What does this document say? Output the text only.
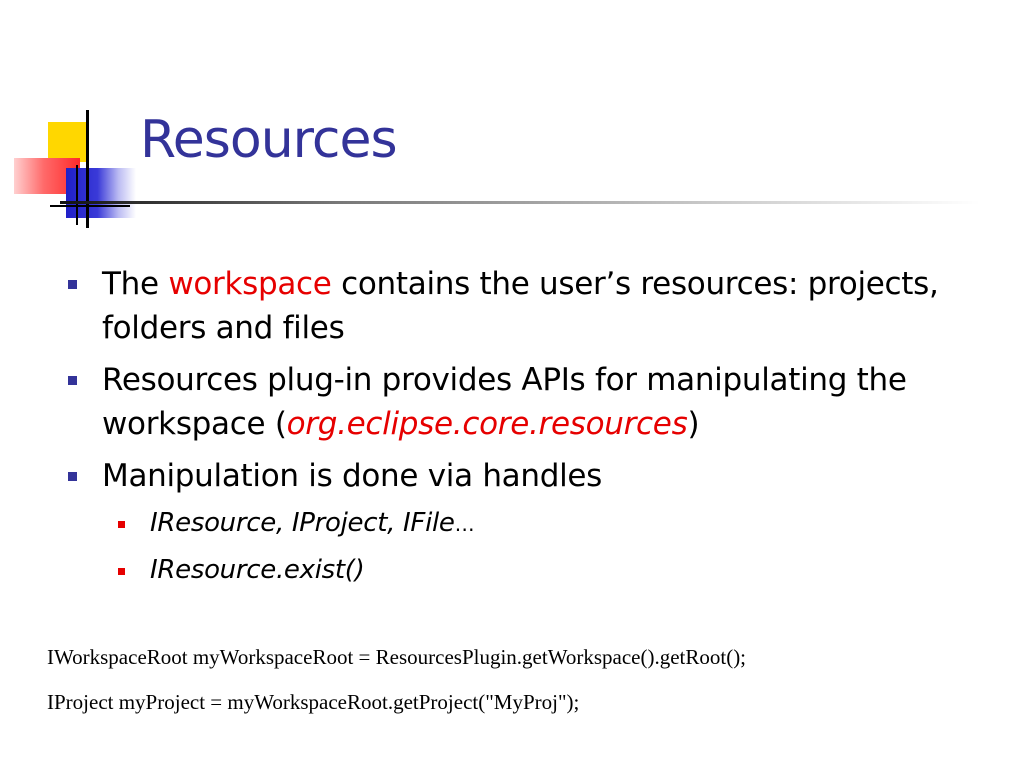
Resources
The workspace contains the user’s resources: projects, folders and files
Resources plug-in provides APIs for manipulating the workspace (org.eclipse.core.resources)
Manipulation is done via handles
IResource, IProject, IFile…
IResource.exist()

IWorkspaceRoot myWorkspaceRoot = ResourcesPlugin.getWorkspace().getRoot();

IProject myProject = myWorkspaceRoot.getProject("MyProj");
